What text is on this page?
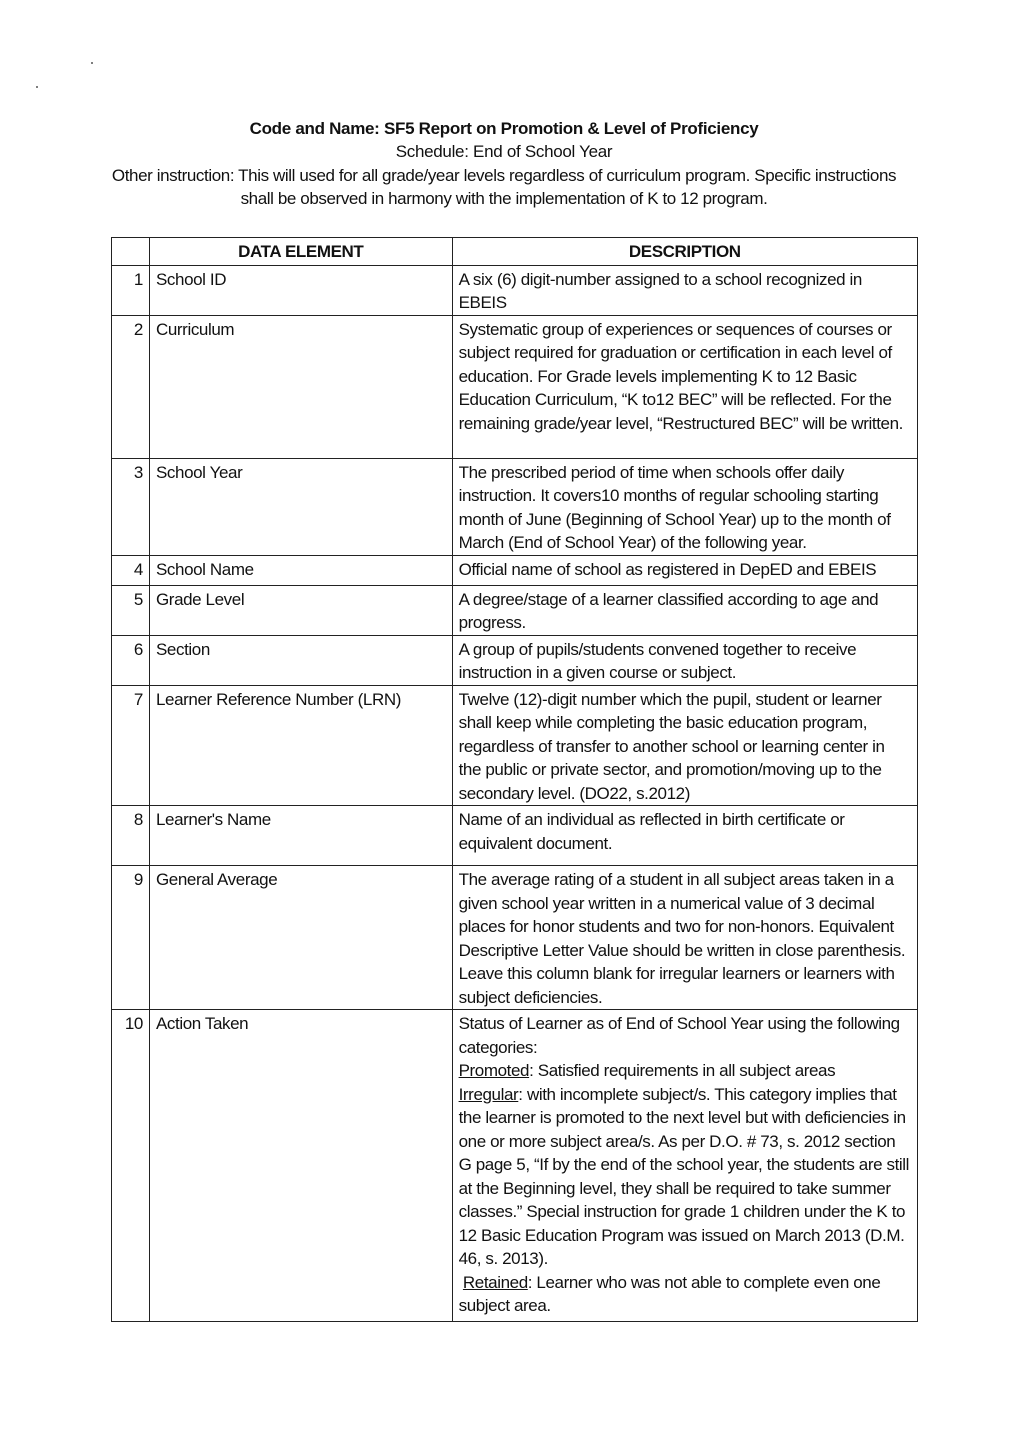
Code and Name: SF5 Report on Promotion & Level of Proficiency
Schedule: End of School Year
Other instruction: This will used for all grade/year levels regardless of curriculum program. Specific instructions shall be observed in harmony with the implementation of K to 12 program.
	DATA ELEMENT	DESCRIPTION
1	School ID	A six (6) digit-number assigned to a school recognized in EBEIS
2	Curriculum	Systematic group of experiences or sequences of courses or subject required for graduation or certification in each level of education. For Grade levels implementing K to 12 Basic Education Curriculum, “K to12 BEC” will be reflected. For the remaining grade/year level, “Restructured BEC” will be written.
3	School Year	The prescribed period of time when schools offer daily instruction. It covers10 months of regular schooling starting month of June (Beginning of School Year) up to the month of March (End of School Year) of the following year.
4	School Name	Official name of school as registered in DepED and EBEIS
5	Grade Level	A degree/stage of a learner classified according to age and progress.
6	Section	A group of pupils/students convened together to receive instruction in a given course or subject.
7	Learner Reference Number (LRN)	Twelve (12)-digit number which the pupil, student or learner shall keep while completing the basic education program, regardless of transfer to another school or learning center in the public or private sector, and promotion/moving up to the secondary level. (DO22, s.2012)
8	Learner's Name	Name of an individual as reflected in birth certificate or equivalent document.
9	General Average	The average rating of a student in all subject areas taken in a given school year written in a numerical value of 3 decimal places for honor students and two for non-honors. Equivalent Descriptive Letter Value should be written in close parenthesis. Leave this column blank for irregular learners or learners with subject deficiencies.
10	Action Taken	Status of Learner as of End of School Year using the following categories:
Promoted: Satisfied requirements in all subject areas
Irregular: with incomplete subject/s. This category implies that the learner is promoted to the next level but with deficiencies in one or more subject area/s. As per D.O. # 73, s. 2012 section G page 5, “If by the end of the school year, the students are still at the Beginning level, they shall be required to take summer classes.” Special instruction for grade 1 children under the K to 12 Basic Education Program was issued on March 2013 (D.M. 46, s. 2013).
Retained: Learner who was not able to complete even one subject area.
